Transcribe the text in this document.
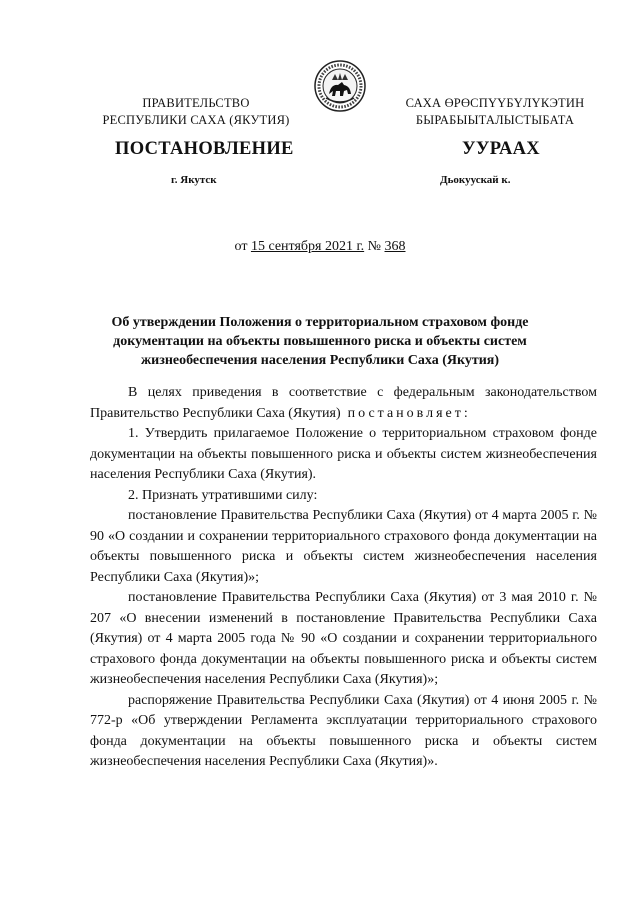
ПРАВИТЕЛЬСТВО
РЕСПУБЛИКИ САХА (ЯКУТИЯ)
САХА ӨРӨСПҮҮБҮЛҮКЭТИН
БЫРАБЫЫТАЛЫСТЫБАТА
ПОСТАНОВЛЕНИЕ	УУРААХ
г. Якутск	Дьокуускай к.
от 15 сентября 2021 г. № 368
Об утверждении Положения о территориальном страховом фонде документации на объекты повышенного риска и объекты систем жизнеобеспечения населения Республики Саха (Якутия)

В целях приведения в соответствие с федеральным законодательством Правительство Республики Саха (Якутия) постановляет:

1. Утвердить прилагаемое Положение о территориальном страховом фонде документации на объекты повышенного риска и объекты систем жизнеобеспечения населения Республики Саха (Якутия).

2. Признать утратившими силу:

постановление Правительства Республики Саха (Якутия) от 4 марта 2005 г. № 90 «О создании и сохранении территориального страхового фонда документации на объекты повышенного риска и объекты систем жизнеобеспечения населения Республики Саха (Якутия)»;

постановление Правительства Республики Саха (Якутия) от 3 мая 2010 г. № 207 «О внесении изменений в постановление Правительства Республики Саха (Якутия) от 4 марта 2005 года № 90 «О создании и сохранении территориального страхового фонда документации на объекты повышенного риска и объекты систем жизнеобеспечения населения Республики Саха (Якутия)»;

распоряжение Правительства Республики Саха (Якутия) от 4 июня 2005 г. № 772-р «Об утверждении Регламента эксплуатации территориального страхового фонда документации на объекты повышенного риска и объекты систем жизнеобеспечения населения Республики Саха (Якутия)».
